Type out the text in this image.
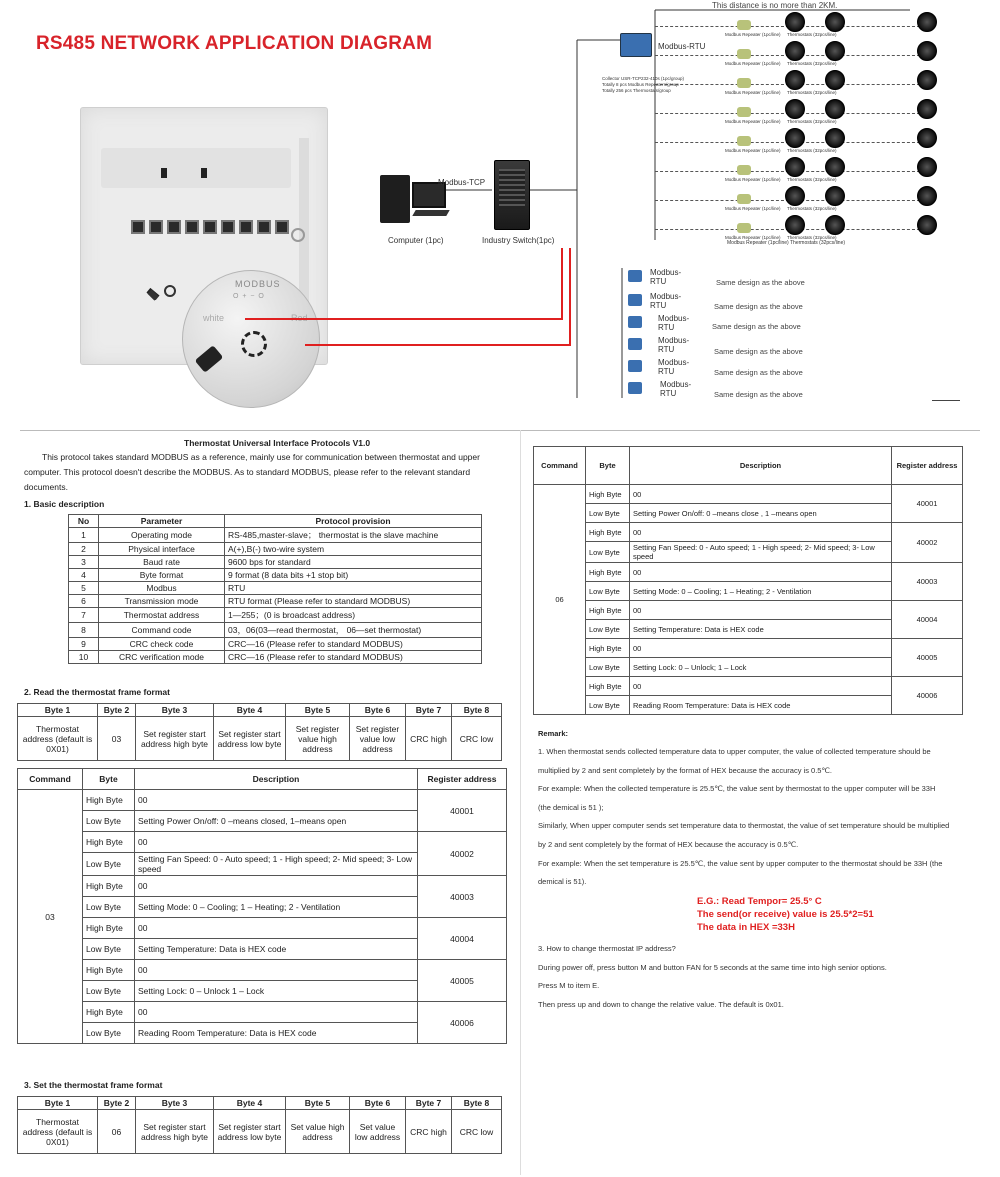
RS485 NETWORK APPLICATION DIAGRAM
This distance is no more than 2KM.
MODBUS
O + − O
white	Red
Computer (1pc)
Modbus-TCP
Industry Switch(1pc)
Modbus-RTU
Collector USR-TCP232-410s (1pc/group)
Totally 8 pcs Modbus Repeaters/group
Totally 256 pcs Thermostats/group
Modbus Repeater (1pc/line) Thermostats (32pcs/line)
Modbus Repeater (1pc/line) Thermostats (32pcs/line)
Modbus Repeater (1pc/line) Thermostats (32pcs/line)
Modbus Repeater (1pc/line) Thermostats (32pcs/line)
Modbus Repeater (1pc/line) Thermostats (32pcs/line)
Modbus Repeater (1pc/line) Thermostats (32pcs/line)
Modbus Repeater (1pc/line) Thermostats (32pcs/line)
Modbus Repeater (1pc/line) Thermostats (32pcs/line)
Modbus Repeater (1pc/line) Thermostats (32pcs/line)
Modbus-RTU	Same design as the above
Modbus-RTU	Same design as the above
Modbus-RTU	Same design as the above
Modbus-RTU	Same design as the above
Modbus-RTU	Same design as the above
Modbus-RTU	Same design as the above
Thermostat Universal Interface Protocols V1.0
This protocol takes standard MODBUS as a reference, mainly use for communication between thermostat and upper
computer. This protocol doesn't describe the MODBUS. As to standard MODBUS, please refer to the relevant standard
documents.
1. Basic description
No	Parameter	Protocol provision
1	Operating mode	RS-485,master-slave； thermostat is the slave machine
2	Physical interface	A(+),B(-) two-wire system
3	Baud rate	9600 bps for standard
4	Byte format	9 format (8 data bits +1 stop bit)
5	Modbus	RTU
6	Transmission mode	RTU format (Please refer to standard MODBUS)
7	Thermostat address	1—255；(0 is broadcast address)
8	Command code	03，06(03—read thermostat， 06—set thermostat)
9	CRC check code	CRC—16 (Please refer to standard MODBUS)
10	CRC verification mode	CRC—16 (Please refer to standard MODBUS)
2. Read the thermostat frame format
Byte 1	Byte 2	Byte 3	Byte 4	Byte 5	Byte 6	Byte 7	Byte 8
Thermostat address (default is 0X01)	03	Set register start address high byte	Set register start address low byte	Set register value high address	Set register value low address	CRC high	CRC low
Command	Byte	Description	Register address
03	High Byte	00	40001
	Low Byte	Setting Power On/off: 0 –means closed, 1–means open	
	High Byte	00	40002
	Low Byte	Setting Fan Speed: 0 - Auto speed; 1 - High speed; 2- Mid speed; 3- Low speed	
	High Byte	00	40003
	Low Byte	Setting Mode: 0 – Cooling; 1 – Heating; 2 - Ventilation	
	High Byte	00	40004
	Low Byte	Setting Temperature: Data is HEX code	
	High Byte	00	40005
	Low Byte	Setting Lock: 0 – Unlock 1 – Lock	
	High Byte	00	40006
	Low Byte	Reading Room Temperature: Data is HEX code	
3. Set the thermostat frame format
Byte 1	Byte 2	Byte 3	Byte 4	Byte 5	Byte 6	Byte 7	Byte 8
Thermostat address (default is 0X01)	06	Set register start address high byte	Set register start address low byte	Set value high address	Set value low address	CRC high	CRC low
Command	Byte	Description	Register address
06	High Byte	00	40001
	Low Byte	Setting Power On/off: 0 –means close , 1 –means open	
	High Byte	00	40002
	Low Byte	Setting Fan Speed: 0 - Auto speed; 1 - High speed; 2- Mid speed; 3- Low speed	
	High Byte	00	40003
	Low Byte	Setting Mode: 0 – Cooling; 1 – Heating; 2 - Ventilation	
	High Byte	00	40004
	Low Byte	Setting Temperature: Data is HEX code	
	High Byte	00	40005
	Low Byte	Setting Lock: 0 – Unlock; 1 – Lock	
	High Byte	00	40006
	Low Byte	Reading Room Temperature: Data is HEX code	
Remark:
1. When thermostat sends collected temperature data to upper computer, the value of collected temperature should be
multiplied by 2 and sent completely by the format of HEX because the accuracy is 0.5℃.
For example: When the collected temperature is 25.5℃, the value sent by thermostat to the upper computer will be 33H
(the demical is 51 );
Similarly, When upper computer sends set temperature data to thermostat, the value of set temperature should be multiplied
by 2 and sent completely by the format of HEX because the accuracy is 0.5℃.
For example: When the set temperature is 25.5℃, the value sent by upper computer to the thermostat should be 33H (the
demical is 51).
E.G.: Read Tempor= 25.5° C
The send(or receive) value is 25.5*2=51
The data in HEX =33H
3. How to change thermostat IP address?
During power off, press button M and button FAN for 5 seconds at the same time into high senior options.
Press M to item E.
Then press up and down to change the relative value. The default is 0x01.
